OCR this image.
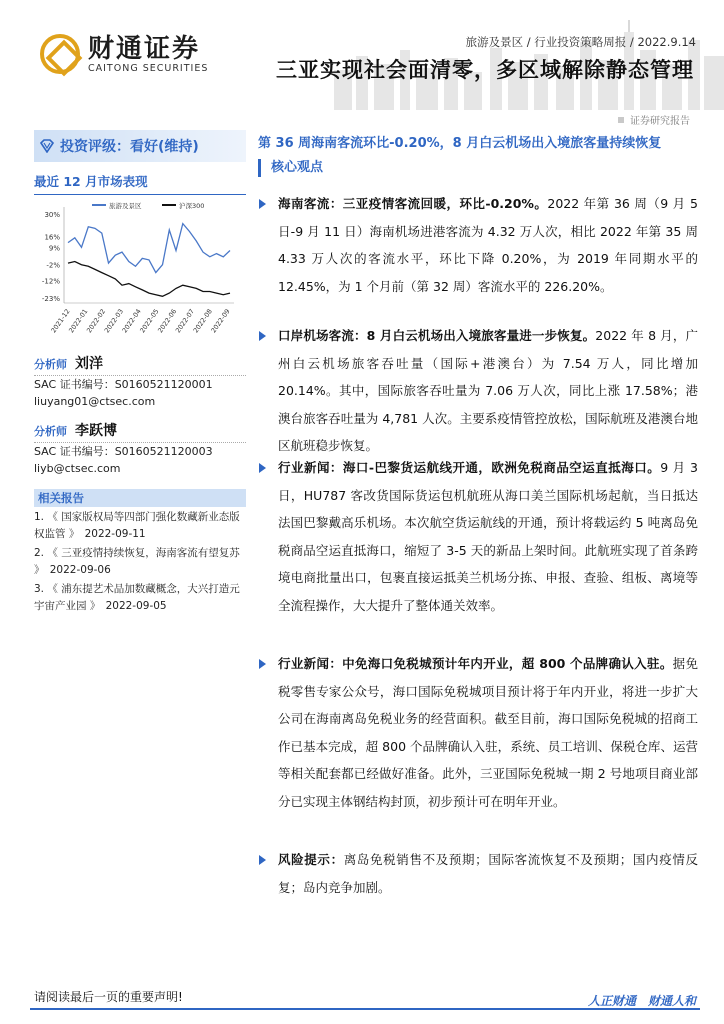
财通证券
CAITONG SECURITIES
旅游及景区 / 行业投资策略周报 / 2022.9.14
三亚实现社会面清零，多区域解除静态管理
证券研究报告
投资评级：看好(维持)
最近 12 月市场表现
30%
16%
9%
-2%
-12%
-23%
旅游及景区	沪深300
2021-12
2022-01
2022-02
2022-03
2022-04
2022-05
2022-06
2022-07
2022-08
2022-09
分析师 刘洋
SAC 证书编号：S0160521120001
liuyang01@ctsec.com
分析师 李跃博
SAC 证书编号：S0160521120003
liyb@ctsec.com
相关报告
1. 《 国家版权局等四部门强化数藏新业态版权监管 》　2022-09-11
2. 《 三亚疫情持续恢复，海南客流有望复苏 》　2022-09-06
3. 《 浦东提艺术品加数藏概念，大兴打造元宇宙产业园 》　2022-09-05
第 36 周海南客流环比-0.20%，8 月白云机场出入境旅客量持续恢复
核心观点
海南客流：三亚疫情客流回暖，环比-0.20%。2022 年第 36 周（9 月 5 日-9 月 11 日）海南机场进港客流为 4.32 万人次，相比 2022 年第 35 周 4.33 万人次的客流水平，环比下降 0.20%，为 2019 年同期水平的 12.45%，为 1 个月前（第 32 周）客流水平的 226.20%。
口岸机场客流：8 月白云机场出入境旅客量进一步恢复。2022 年 8 月，广州白云机场旅客吞吐量（国际+港澳台）为 7.54 万人，同比增加 20.14%。其中，国际旅客吞吐量为 7.06 万人次，同比上涨 17.58%；港澳台旅客吞吐量为 4,781 人次。主要系疫情管控放松，国际航班及港澳台地区航班稳步恢复。
行业新闻：海口-巴黎货运航线开通，欧洲免税商品空运直抵海口。9 月 3 日，HU787 客改货国际货运包机航班从海口美兰国际机场起航，当日抵达法国巴黎戴高乐机场。本次航空货运航线的开通，预计将载运约 5 吨离岛免税商品空运直抵海口，缩短了 3-5 天的新品上架时间。此航班实现了首条跨境电商批量出口，包裹直接运抵美兰机场分拣、申报、查验、组板、离境等全流程操作，大大提升了整体通关效率。
行业新闻：中免海口免税城预计年内开业，超 800 个品牌确认入驻。据免税零售专家公众号，海口国际免税城项目预计将于年内开业，将进一步扩大公司在海南离岛免税业务的经营面积。截至目前，海口国际免税城的招商工作已基本完成，超 800 个品牌确认入驻，系统、员工培训、保税仓库、运营等相关配套都已经做好准备。此外，三亚国际免税城一期 2 号地项目商业部分已实现主体钢结构封顶，初步预计可在明年开业。
风险提示：离岛免税销售不及预期；国际客流恢复不及预期；国内疫情反复；岛内竞争加剧。
请阅读最后一页的重要声明!	人正财通　财通人和
